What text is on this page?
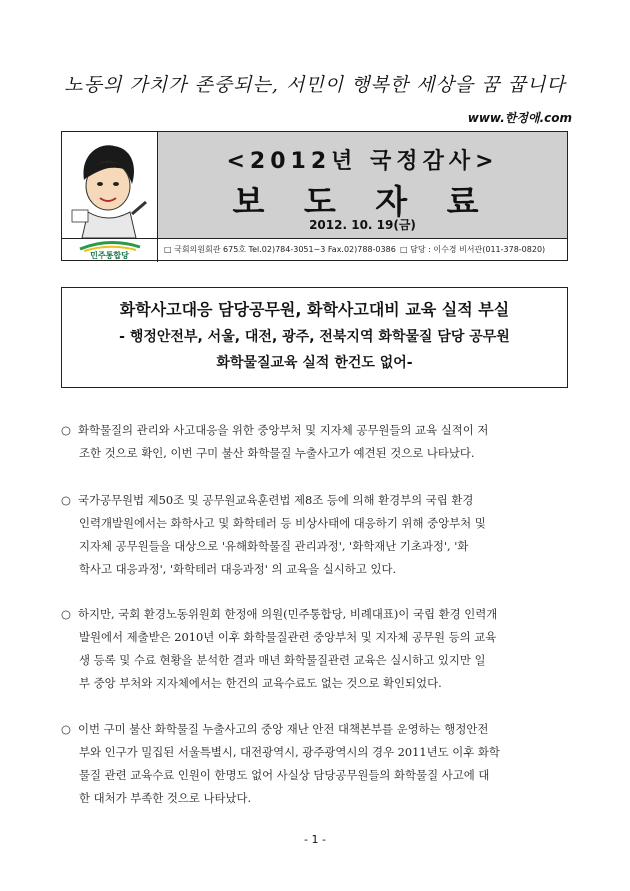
노동의 가치가 존중되는, 서민이 행복한 세상을 꿈 꿉니다
www.한정애.com
<2012년 국정감사>
보 도 자 료
2012. 10. 19(금)
민주통합당
□ 국회의원회관 675호 Tel.02)784-3051~3 Fax.02)788-0386 □ 담당 : 이수경 비서관(011-378-0820)
화학사고대응 담당공무원, 화학사고대비 교육 실적 부실
- 행정안전부, 서울, 대전, 광주, 전북지역 화학물질 담당 공무원
화학물질교육 실적 한건도 없어-
○ 화학물질의 관리와 사고대응을 위한 중앙부처 및 지자체 공무원들의 교육 실적이 저
조한 것으로 확인, 이번 구미 불산 화학물질 누출사고가 예견된 것으로 나타났다.
○ 국가공무원법 제50조 및 공무원교육훈련법 제8조 등에 의해 환경부의 국립 환경
인력개발원에서는 화학사고 및 화학테러 등 비상사태에 대응하기 위해 중앙부처 및
지자체 공무원들을 대상으로 '유해화학물질 관리과정', '화학재난 기초과정', '화
학사고 대응과정', '화학테러 대응과정' 의 교육을 실시하고 있다.
○ 하지만, 국회 환경노동위원회 한정애 의원(민주통합당, 비례대표)이 국립 환경 인력개
발원에서 제출받은 2010년 이후 화학물질관련 중앙부처 및 지자체 공무원 등의 교육
생 등록 및 수료 현황을 분석한 결과 매년 화학물질관련 교육은 실시하고 있지만 일
부 중앙 부처와 지자체에서는 한건의 교육수료도 없는 것으로 확인되었다.
○ 이번 구미 불산 화학물질 누출사고의 중앙 재난 안전 대책본부를 운영하는 행정안전
부와 인구가 밀집된 서울특별시, 대전광역시, 광주광역시의 경우 2011년도 이후 화학
물질 관련 교육수료 인원이 한명도 없어 사실상 담당공무원들의 화학물질 사고에 대
한 대처가 부족한 것으로 나타났다.
- 1 -
